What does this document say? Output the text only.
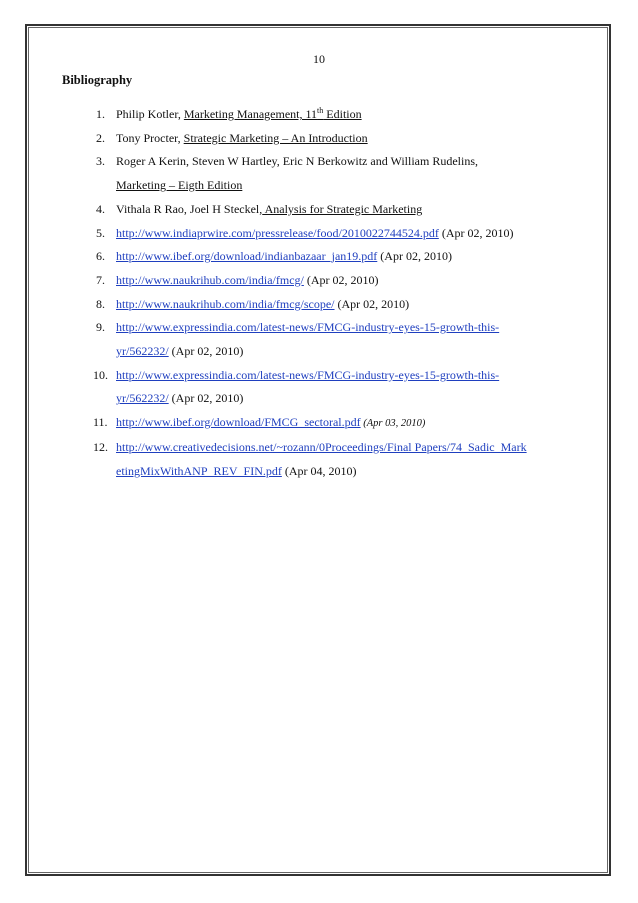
10
Bibliography
1. Philip Kotler, Marketing Management, 11th Edition
2. Tony Procter, Strategic Marketing – An Introduction
3. Roger A Kerin, Steven W Hartley, Eric N Berkowitz and William Rudelins,
Marketing – Eigth Edition
4. Vithala R Rao, Joel H Steckel, Analysis for Strategic Marketing
5. http://www.indiaprwire.com/pressrelease/food/2010022744524.pdf (Apr 02, 2010)
6. http://www.ibef.org/download/indianbazaar_jan19.pdf (Apr 02, 2010)
7. http://www.naukrihub.com/india/fmcg/ (Apr 02, 2010)
8. http://www.naukrihub.com/india/fmcg/scope/ (Apr 02, 2010)
9. http://www.expressindia.com/latest-news/FMCG-industry-eyes-15-growth-this-
yr/562232/ (Apr 02, 2010)
10. http://www.expressindia.com/latest-news/FMCG-industry-eyes-15-growth-this-
yr/562232/ (Apr 02, 2010)
11. http://www.ibef.org/download/FMCG_sectoral.pdf (Apr 03, 2010)
12. http://www.creativedecisions.net/~rozann/0Proceedings/Final Papers/74_Sadic_Mark
etingMixWithANP_REV_FIN.pdf (Apr 04, 2010)
